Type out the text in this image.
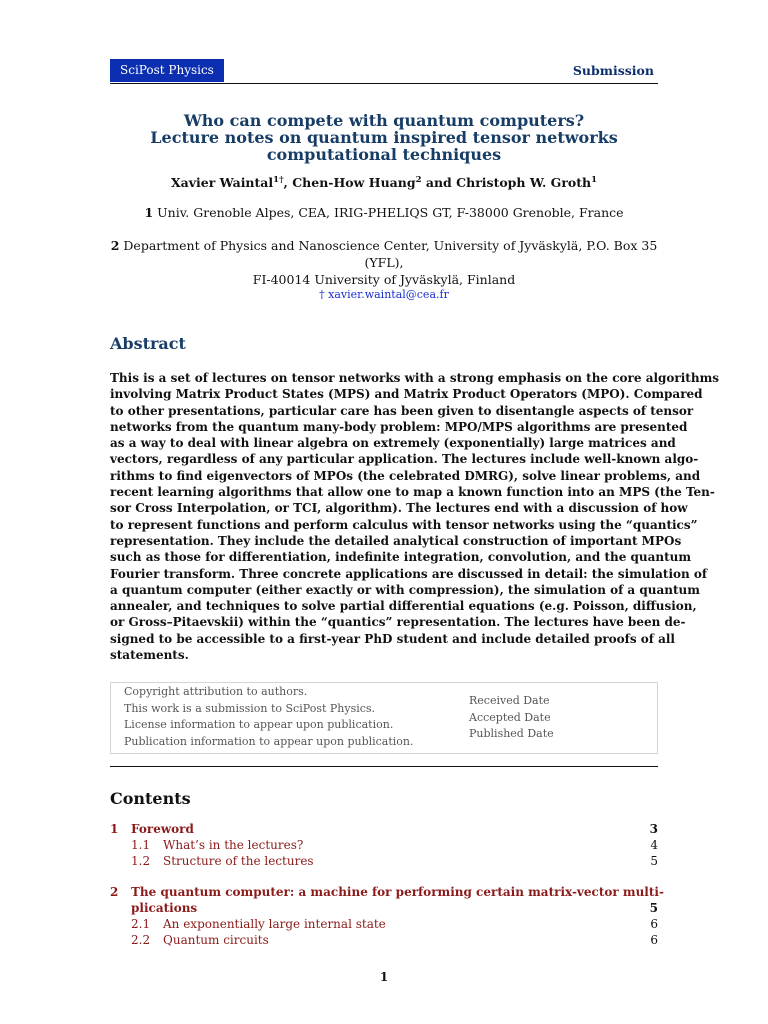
SciPost Physics	Submission
Who can compete with quantum computers?
Lecture notes on quantum inspired tensor networks
computational techniques
Xavier Waintal$^{1\dagger}$, Chen-How Huang$^2$ and Christoph W. Groth$^1$
1 Univ. Grenoble Alpes, CEA, IRIG-PHELIQS GT, F-38000 Grenoble, France
2 Department of Physics and Nanoscience Center, University of Jyväskylä, P.O. Box 35 (YFL),
FI-40014 University of Jyväskylä, Finland
† xavier.waintal@cea.fr
Abstract
This is a set of lectures on tensor networks with a strong emphasis on the core algorithms
involving Matrix Product States (MPS) and Matrix Product Operators (MPO). Compared
to other presentations, particular care has been given to disentangle aspects of tensor
networks from the quantum many-body problem: MPO/MPS algorithms are presented
as a way to deal with linear algebra on extremely (exponentially) large matrices and
vectors, regardless of any particular application. The lectures include well-known algo-
rithms to find eigenvectors of MPOs (the celebrated DMRG), solve linear problems, and
recent learning algorithms that allow one to map a known function into an MPS (the Ten-
sor Cross Interpolation, or TCI, algorithm). The lectures end with a discussion of how
to represent functions and perform calculus with tensor networks using the “quantics”
representation. They include the detailed analytical construction of important MPOs
such as those for differentiation, indefinite integration, convolution, and the quantum
Fourier transform. Three concrete applications are discussed in detail: the simulation of
a quantum computer (either exactly or with compression), the simulation of a quantum
annealer, and techniques to solve partial differential equations (e.g. Poisson, diffusion,
or Gross–Pitaevskii) within the “quantics” representation. The lectures have been de-
signed to be accessible to a first-year PhD student and include detailed proofs of all
statements.
Copyright attribution to authors.
This work is a submission to SciPost Physics.
License information to appear upon publication.
Publication information to appear upon publication.
Received Date
Accepted Date
Published Date
Contents
1 Foreword	3
1.1 What’s in the lectures?	4
1.2 Structure of the lectures	5
2 The quantum computer: a machine for performing certain matrix-vector multi-
plications	5
2.1 An exponentially large internal state	6
2.2 Quantum circuits	6
1
